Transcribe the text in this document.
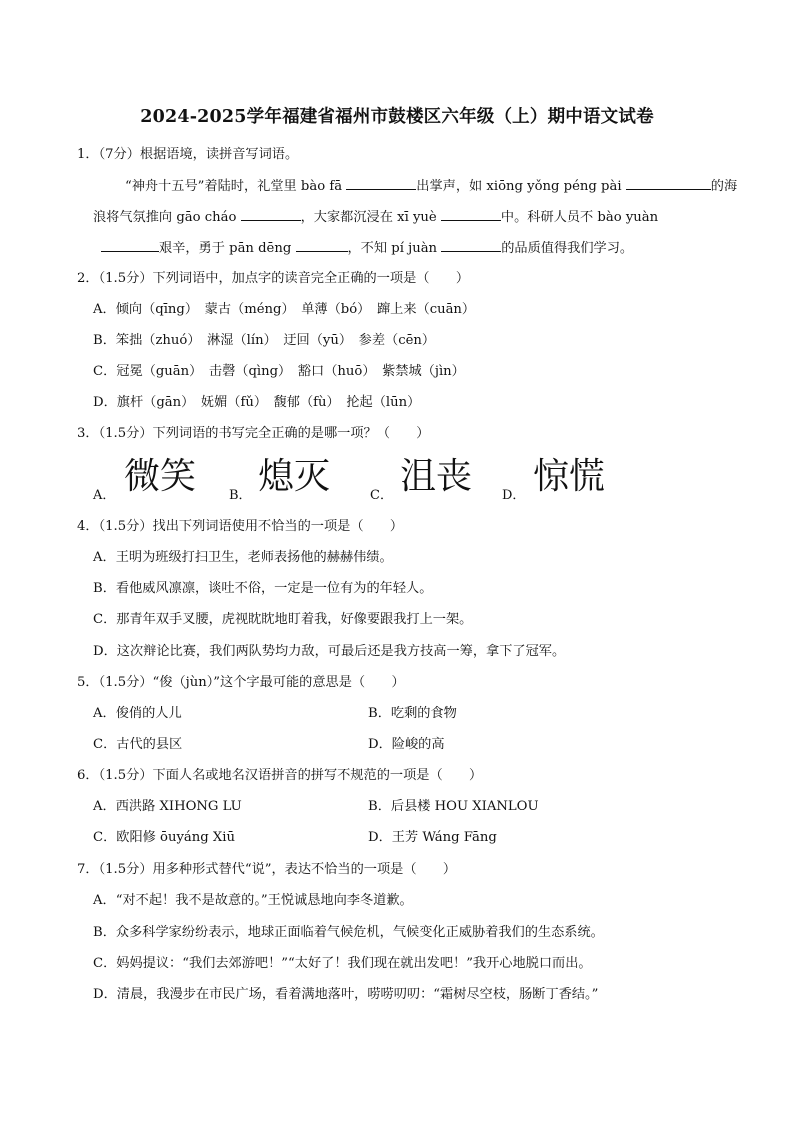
2024-2025学年福建省福州市鼓楼区六年级（上）期中语文试卷
1．（7分）根据语境，读拼音写词语。
“神舟十五号”着陆时，礼堂里 bào fā	出掌声，如 xiōng yǒng péng pài	的海
浪将气氛推向 gāo cháo	，大家都沉浸在 xī yuè	中。科研人员不 bào yuàn
艰辛，勇于 pān dēng	，不知 pí juàn	的品质值得我们学习。
2．（1.5分）下列词语中，加点字的读音完全正确的一项是（　　）
A．倾向（qīng）　蒙古（méng）　单薄（bó）　蹿上来（cuān）
B．笨拙（zhuó）　淋湿（lín）　迂回（yū）　参差（cēn）
C．冠冕（guān）　击磬（qìng）　豁口（huō）　紫禁城（jìn）
D．旗杆（gān）　妩媚（fǔ）　馥郁（fù）　抡起（lūn）
3．（1.5分）下列词语的书写完全正确的是哪一项？（　　）
A． 微笑	B． 熄灭	C． 沮丧 D． 惊慌
4．（1.5分）找出下列词语使用不恰当的一项是（　　）
A．王明为班级打扫卫生，老师表扬他的赫赫伟绩。
B．看他威风凛凛，谈吐不俗，一定是一位有为的年轻人。
C．那青年双手叉腰，虎视眈眈地盯着我，好像要跟我打上一架。
D．这次辩论比赛，我们两队势均力敌，可最后还是我方技高一筹，拿下了冠军。
5．（1.5分）“俊（jùn）”这个字最可能的意思是（　　）
A．俊俏的人儿	B．吃剩的食物
C．古代的县区	D．险峻的高
6．（1.5分）下面人名或地名汉语拼音的拼写不规范的一项是（　　）
A．西洪路 XIHONG LU	B．后县楼 HOU XIANLOU
C．欧阳修 ōuyáng Xiū	D．王芳 Wáng Fāng
7．（1.5分）用多种形式替代“说”，表达不恰当的一项是（　　）
A．“对不起！我不是故意的。”王悦诚恳地向李冬道歉。
B．众多科学家纷纷表示，地球正面临着气候危机，气候变化正威胁着我们的生态系统。
C．妈妈提议：“我们去郊游吧！”“太好了！我们现在就出发吧！”我开心地脱口而出。
D．清晨，我漫步在市民广场，看着满地落叶，唠唠叨叨：“霜树尽空枝，肠断丁香结。”
